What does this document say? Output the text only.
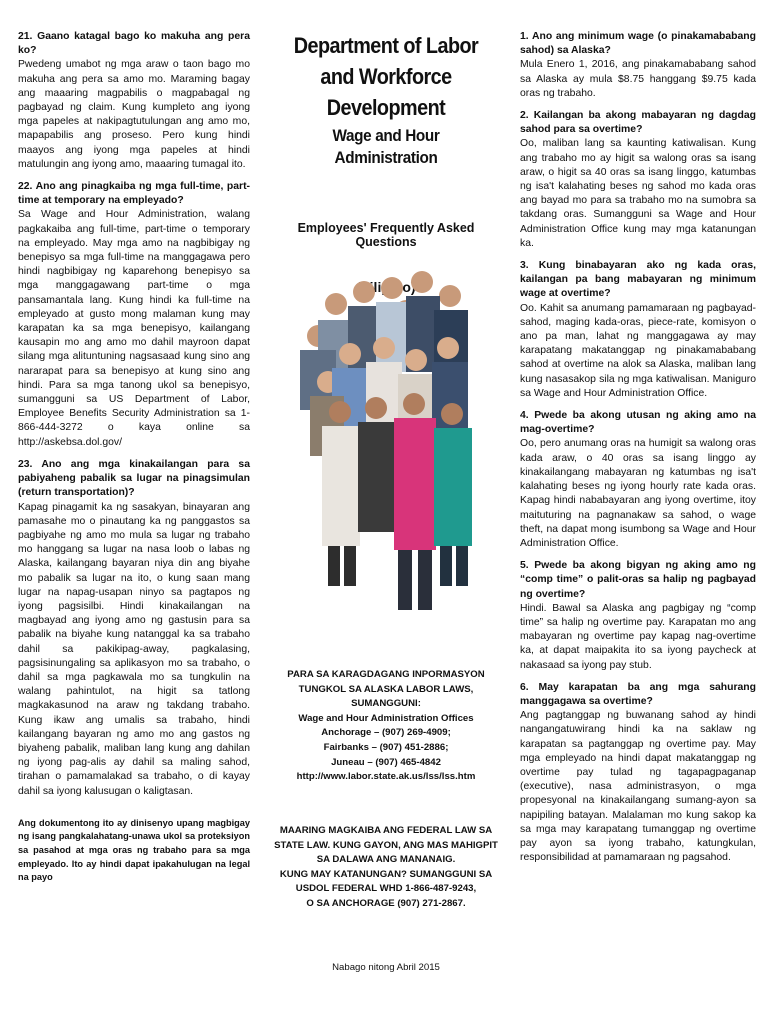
21. Gaano katagal bago ko makuha ang pera ko?

Pwedeng umabot ng mga araw o taon bago mo makuha ang pera sa amo mo. Maraming bagay ang maaaring magpabilis o magpabagal ng pagbayad ng claim. Kung kumpleto ang iyong mga papeles at nakipagtutulungan ang amo mo, mapapabilis ang proseso. Pero kung hindi maayos ang iyong mga papeles at hindi matulungin ang iyong amo, maaaring tumagal ito.

22. Ano ang pinagkaiba ng mga full-time, part-time at temporary na empleyado?

Sa Wage and Hour Administration, walang pagkakaiba ang full-time, part-time o temporary na empleyado. May mga amo na nagbibigay ng benepisyo sa mga full-time na manggagawa pero hindi nagbibigay ng kaparehong benepisyo sa mga manggagawang part-time o mga pansamantala lang. Kung hindi ka full-time na empleyado at gusto mong malaman kung may karapatan ka sa mga benepisyo, kailangang kausapin mo ang amo mo dahil mayroon dapat silang mga alituntuning nagsasaad kung sino ang nararapat para sa benepisyo at kung sino ang hindi. Para sa mga tanong ukol sa benepisyo, sumangguni sa US Department of Labor, Employee Benefits Security Administration sa 1-866-444-3272 o kaya online sa http://askebsa.dol.gov/

23. Ano ang mga kinakailangan para sa pabiyaheng pabalik sa lugar na pinagsimulan (return transportation)?

Kapag pinagamit ka ng sasakyan, binayaran ang pamasahe mo o pinautang ka ng panggastos sa pagbiyahe ng amo mo mula sa lugar ng trabaho mo hanggang sa lugar na nasa loob o labas ng Alaska, kailangang bayaran niya din ang biyahe mo pabalik sa lugar na ito, o kung saan mang lugar na napag-usapan ninyo sa pagtapos ng iyong pagsisilbi. Hindi kinakailangan na magbayad ang iyong amo ng gastusin para sa pabalik na biyahe kung natanggal ka sa trabaho dahil sa pakikipag-away, pagkalasing, pagsisinungaling sa aplikasyon mo sa trabaho, o dahil sa mga pagkawala mo sa tungkulin na walang pahintulot, na higit sa tatlong magkakasunod na araw ng takdang trabaho. Kung ikaw ang umalis sa trabaho, hindi kailangang bayaran ng amo mo ang gastos ng biyaheng pabalik, maliban lang kung ang dahilan ng iyong pag-alis ay dahil sa maling sahod, tirahan o pamamalakad sa trabaho, o di kayay dahil sa iyong kalusugan o kaligtasan.

Ang dokumentong ito ay dinisenyo upang magbigay ng isang pangkalahatang-unawa ukol sa proteksiyon sa pasahod at mga oras ng trabaho para sa mga empleyado. Ito ay hindi dapat ipakahulugan na legal na payo

Department of Labor and Workforce Development

Wage and Hour Administration

Employees' Frequently Asked Questions

PARA SA KARAGDAGANG INPORMASYON TUNGKOL SA ALASKA LABOR LAWS, SUMANGGUNI:
Wage and Hour Administration Offices
Anchorage – (907) 269-4909;
Fairbanks – (907) 451-2886;
Juneau – (907) 465-4842
http://www.labor.state.ak.us/lss/lss.htm
MAARING MAGKAIBA ANG FEDERAL LAW SA STATE LAW. KUNG GAYON, ANG MAS MAHIGPIT SA DALAWA ANG MANANAIG.
KUNG MAY KATANUNGAN? SUMANGGUNI SA USDOL FEDERAL WHD 1-866-487-9243,
O SA ANCHORAGE (907) 271-2867.
Nabago nitong Abril 2015

1. Ano ang minimum wage (o pinakamababang sahod) sa Alaska?

Mula Enero 1, 2016, ang pinakamababang sahod sa Alaska ay mula $8.75 hanggang $9.75 kada oras ng trabaho.

2. Kailangan ba akong mabayaran ng dagdag sahod para sa overtime?

Oo, maliban lang sa kaunting katiwalisan. Kung ang trabaho mo ay higit sa walong oras sa isang araw, o higit sa 40 oras sa isang linggo, katumbas ng isa't kalahating beses ng sahod mo kada oras ang bayad mo para sa trabaho mo na sumobra sa takdang oras. Sumangguni sa Wage and Hour Administration Office kung may mga katanungan ka.

3. Kung binabayaran ako ng kada oras, kailangan pa bang mabayaran ng minimum wage at overtime?

Oo. Kahit sa anumang pamamaraan ng pagbayad-sahod, maging kada-oras, piece-rate, komisyon o ano pa man, lahat ng manggagawa ay may karapatang makatanggap ng pinakamababang sahod at overtime na alok sa Alaska, maliban lang kung nasasakop sila ng mga katiwalisan. Maniguro sa Wage and Hour Administration Office.

4. Pwede ba akong utusan ng aking amo na mag-overtime?

Oo, pero anumang oras na humigit sa walong oras kada araw, o 40 oras sa isang linggo ay kinakailangang mabayaran ng katumbas ng isa't kalahating beses ng iyong hourly rate kada oras. Kapag hindi nababayaran ang iyong overtime, itoy maituturing na pagnanakaw sa sahod, o wage theft, na dapat mong isumbong sa Wage and Hour Administration Office.

5. Pwede ba akong bigyan ng aking amo ng “comp time” o palit-oras sa halip ng pagbayad ng overtime?

Hindi. Bawal sa Alaska ang pagbigay ng “comp time” sa halip ng overtime pay. Karapatan mo ang mabayaran ng overtime pay kapag nag-overtime ka, at dapat maipakita ito sa iyong paycheck at nakasaad sa iyong pay stub.

6. May karapatan ba ang mga sahurang manggagawa sa overtime?

Ang pagtanggap ng buwanang sahod ay hindi nangangatuwirang hindi ka na saklaw ng karapatan sa pagtanggap ng overtime pay. May mga empleyado na hindi dapat makatanggap ng overtime pay tulad ng tagapagpaganap (executive), nasa administrasyon, o mga propesyonal na kinakailangang sumang-ayon sa napipiling batayan. Malalaman mo kung sakop ka sa mga may karapatang tumanggap ng overtime pay ayon sa iyong trabaho, katungkulan, responsibilidad at pamamaraan ng pagsahod.
